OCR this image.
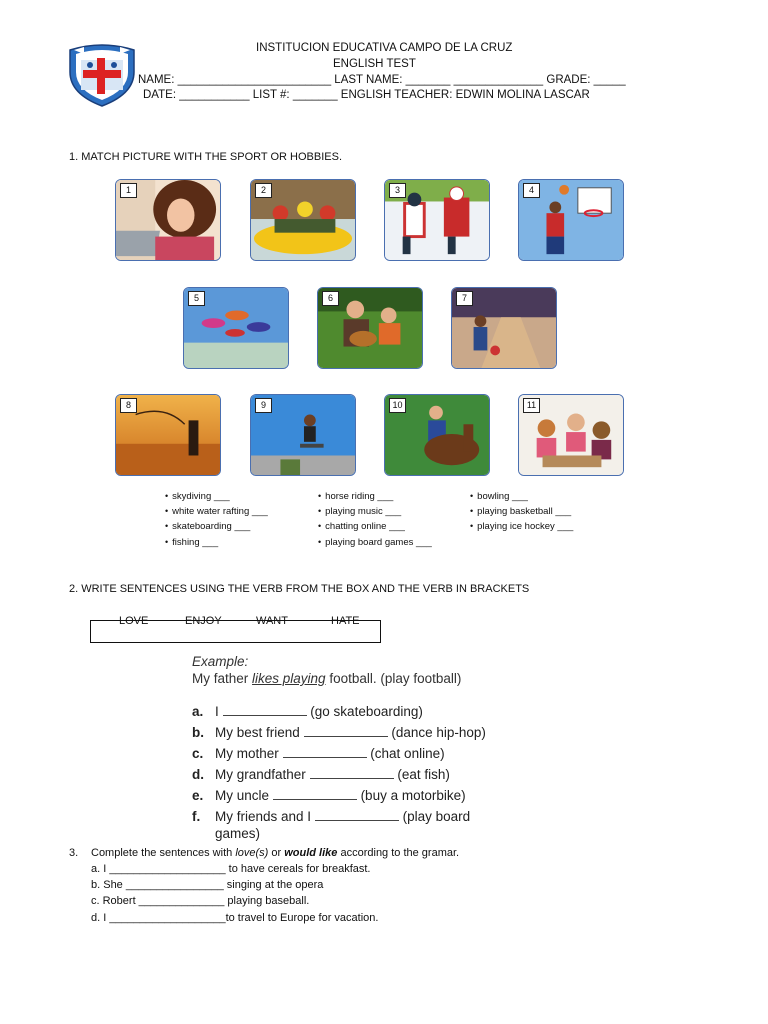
INSTITUCION EDUCATIVA CAMPO DE LA CRUZ
ENGLISH TEST
NAME: ________________________ LAST NAME: _______ ______________ GRADE: _____
DATE: ___________ LIST #: _______ ENGLISH TEACHER: EDWIN MOLINA LASCAR
1. MATCH PICTURE WITH THE SPORT OR HOBBIES.
1	2	3	4
5	6	7
8	9	10	11
• skydiving ___
• white water rafting ___
• skateboarding ___
• fishing ___
• horse riding ___
• playing music ___
• chatting online ___
• playing board games ___
• bowling ___
• playing basketball ___
• playing ice hockey ___
2. WRITE SENTENCES USING THE VERB FROM THE BOX AND THE VERB IN BRACKETS
LOVE	ENJOY	WANT	HATE
Example:
My father likes playing football. (play football)
a. I	(go skateboarding)
b. My best friend	(dance hip-hop)
c. My mother	(chat online)
d. My grandfather	(eat fish)
e. My uncle	(buy a motorbike)
f. My friends and I	(play board
games)
3. Complete the sentences with love(s) or would like according to the gramar.
a. I ___________________ to have cereals for breakfast.
b. She ________________ singing at the opera
c. Robert ______________ playing baseball.
d. I ___________________to travel to Europe for vacation.
